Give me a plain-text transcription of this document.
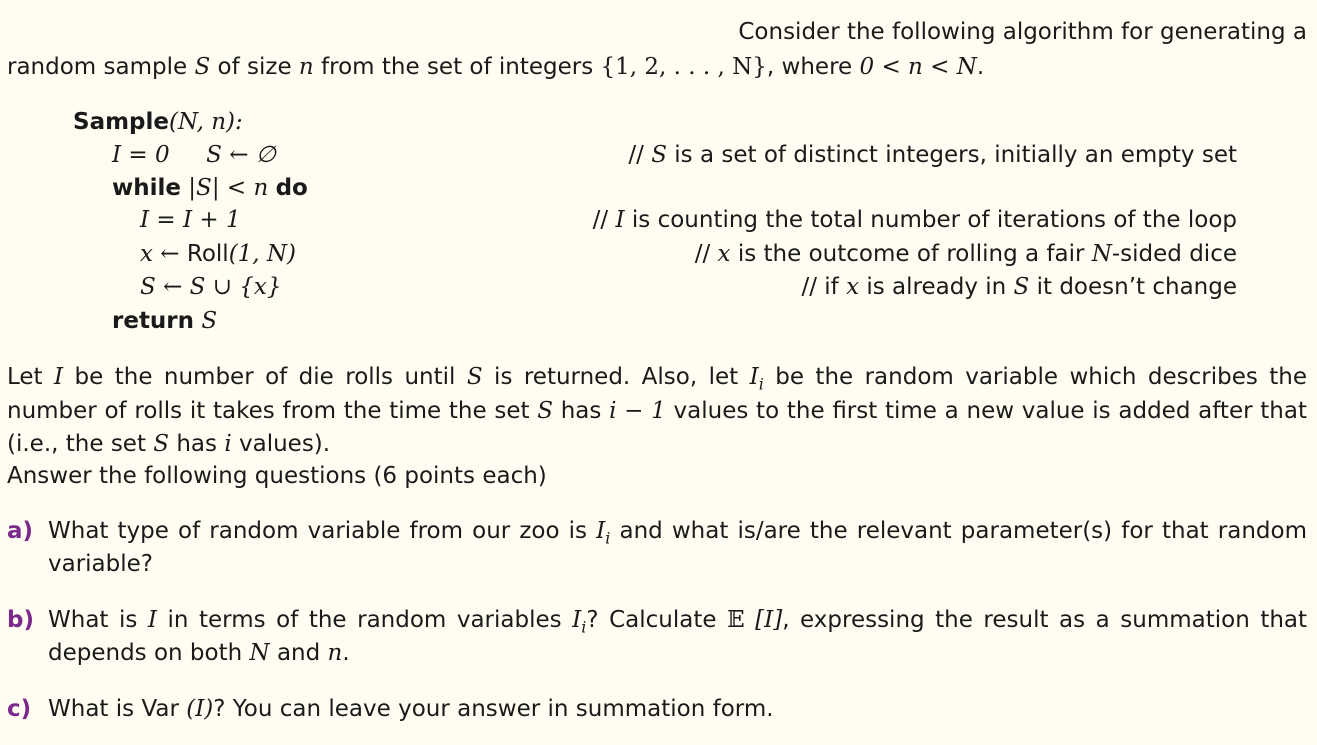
Consider the following algorithm for generating a
random sample S of size n from the set of integers {1, 2, . . . , N}, where 0 < n < N.
Sample(N, n):
I = 0     S ← ∅	// S is a set of distinct integers, initially an empty set
while |S| < n do
I = I + 1	// I is counting the total number of iterations of the loop
x ← Roll(1, N)	// x is the outcome of rolling a fair N-sided dice
S ← S ∪ {x}	// if x is already in S it doesn’t change
return S
Let I be the number of die rolls until S is returned. Also, let $I_i$ be the random variable which describes the
number of rolls it takes from the time the set S has i − 1 values to the first time a new value is added after that
(i.e., the set S has i values).
Answer the following questions (6 points each)
a) What type of random variable from our zoo is $I_i$ and what is/are the relevant parameter(s) for that random
variable?
b) What is I in terms of the random variables $I_i$? Calculate 𝔼 [I], expressing the result as a summation that
depends on both N and n.
c) What is Var (I)? You can leave your answer in summation form.
